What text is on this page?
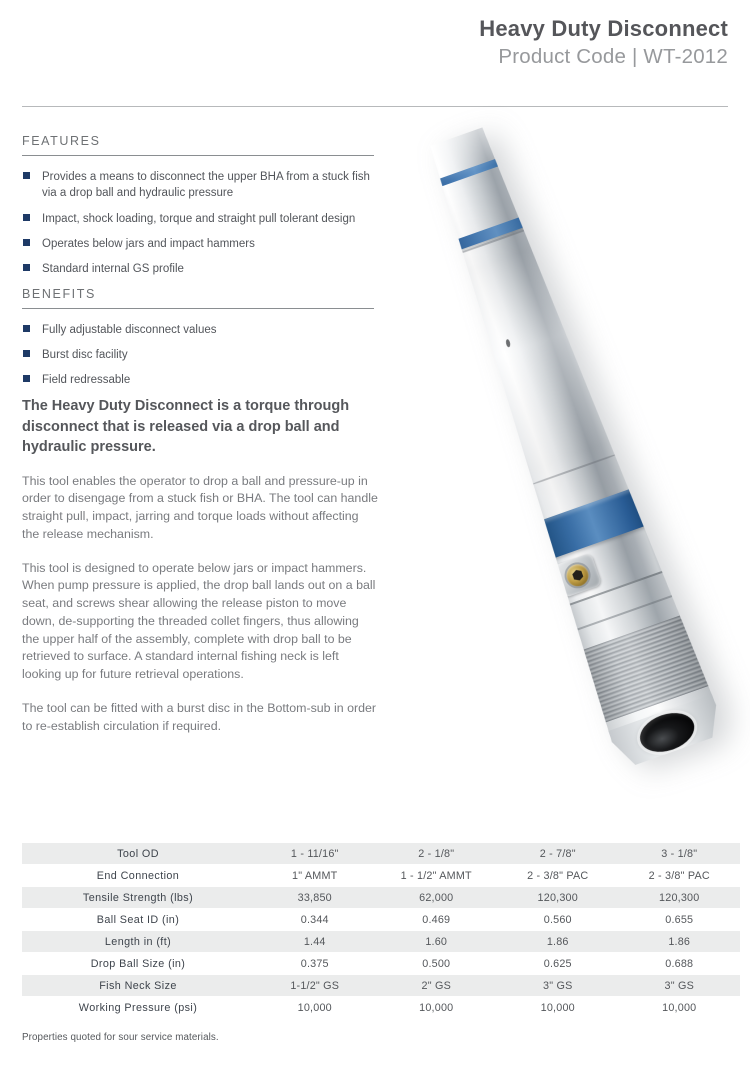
Heavy Duty Disconnect
Product Code | WT-2012
FEATURES
Provides a means to disconnect the upper BHA from a stuck fish via a drop ball and hydraulic pressure
Impact, shock loading, torque and straight pull tolerant design
Operates below jars and impact hammers
Standard internal GS profile
BENEFITS
Fully adjustable disconnect values
Burst disc facility
Field redressable

The Heavy Duty Disconnect is a torque through disconnect that is released via a drop ball and hydraulic pressure.

This tool enables the operator to drop a ball and pressure-up in order to disengage from a stuck fish or BHA. The tool can handle straight pull, impact, jarring and torque loads without affecting the release mechanism.

This tool is designed to operate below jars or impact hammers. When pump pressure is applied, the drop ball lands out on a ball seat, and screws shear allowing the release piston to move down, de-supporting the threaded collet fingers, thus allowing the upper half of the assembly, complete with drop ball to be retrieved to surface. A standard internal fishing neck is left looking up for future retrieval operations.

The tool can be fitted with a burst disc in the Bottom-sub in order to re-establish circulation if required.

Tool OD	1 - 11/16"	2 - 1/8"	2 - 7/8"	3 - 1/8"
End Connection	1" AMMT	1 - 1/2" AMMT	2 - 3/8" PAC	2 - 3/8" PAC
Tensile Strength (lbs)	33,850	62,000	120,300	120,300
Ball Seat ID (in)	0.344	0.469	0.560	0.655
Length in (ft)	1.44	1.60	1.86	1.86
Drop Ball Size (in)	0.375	0.500	0.625	0.688
Fish Neck Size	1-1/2" GS	2" GS	3" GS	3" GS
Working Pressure (psi)	10,000	10,000	10,000	10,000
Properties quoted for sour service materials.
